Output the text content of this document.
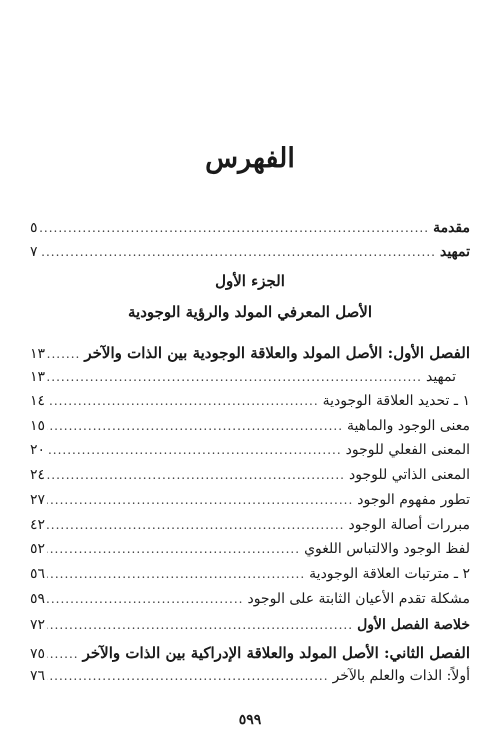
الفهرس
مقدمة
.....
٥
تمهيد
.....
٧
الجزء الأول
الأصل المعرفي المولد والرؤية الوجودية
الفصل الأول: الأصل المولد والعلاقة الوجودية بين الذات والآخر
.....
١٣
تمهيد
.....
١٣
١ ـ تحديد العلاقة الوجودية
.....
١٤
معنى الوجود والماهية
.....
١٥
المعنى الفعلي للوجود
.....
٢٠
المعنى الذاتي للوجود
.....
٢٤
تطور مفهوم الوجود
.....
٢٧
مبررات أصالة الوجود
.....
٤٢
لفظ الوجود والالتباس اللغوي
.....
٥٢
٢ ـ مترتبات العلاقة الوجودية
.....
٥٦
مشكلة تقدم الأعيان الثابتة على الوجود
.....
٥٩
خلاصة الفصل الأول
.....
٧٢
الفصل الثاني: الأصل المولد والعلاقة الإدراكية بين الذات والآخر
.....
٧٥
أولاً: الذات والعلم بالآخر
.....
٧٦
٥٩٩
